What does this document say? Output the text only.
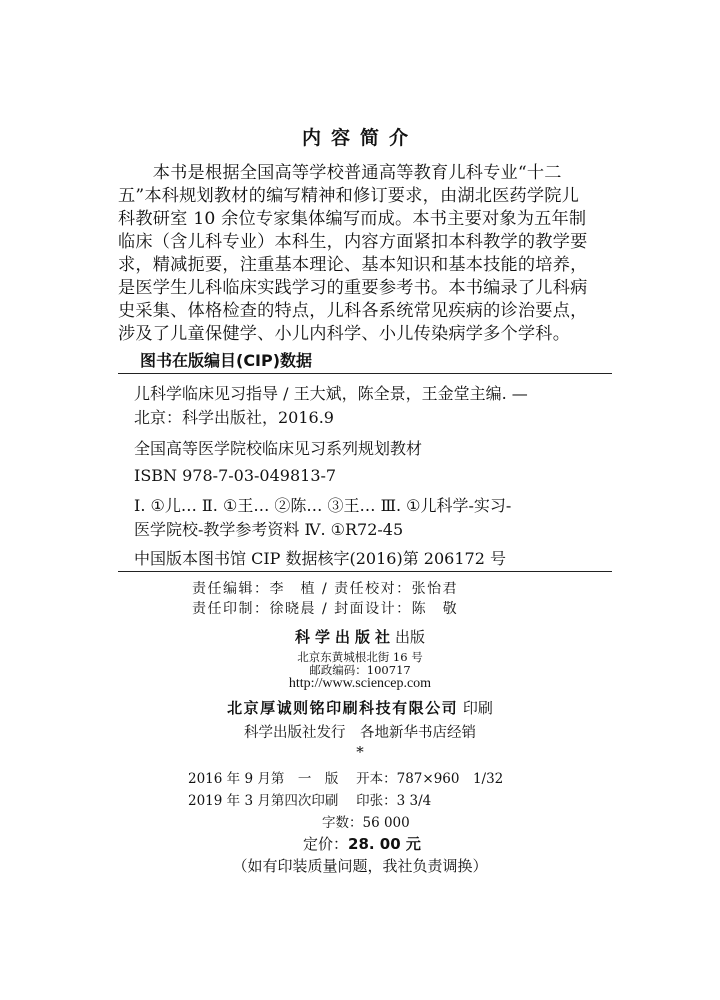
内容简介
　　本书是根据全国高等学校普通高等教育儿科专业“十二
五”本科规划教材的编写精神和修订要求，由湖北医药学院儿
科教研室 10 余位专家集体编写而成。本书主要对象为五年制
临床（含儿科专业）本科生，内容方面紧扣本科教学的教学要
求，精减扼要，注重基本理论、基本知识和基本技能的培养，
是医学生儿科临床实践学习的重要参考书。本书编录了儿科病
史采集、体格检查的特点，儿科各系统常见疾病的诊治要点，
涉及了儿童保健学、小儿内科学、小儿传染病学多个学科。
图书在版编目(CIP)数据
儿科学临床见习指导 / 王大斌，陈全景，王金堂主编. —
北京：科学出版社，2016.9
全国高等医学院校临床见习系列规划教材
ISBN 978-7-03-049813-7
Ⅰ. ①儿… Ⅱ. ①王… ②陈… ③王… Ⅲ. ①儿科学-实习-
医学院校-教学参考资料 Ⅳ. ①R72-45
中国版本图书馆 CIP 数据核字(2016)第 206172 号
责任编辑：李　植 / 责任校对：张怡君
责任印制：徐晓晨 / 封面设计：陈　敬
科学出版社出版
北京东黄城根北街 16 号
邮政编码：100717
http://www.sciencep.com
北京厚诚则铭印刷科技有限公司 印刷
科学出版社发行　各地新华书店经销
*
2016 年 9 月第　一　版　 开本：787×960　1/32
2019 年 3 月第四次印刷　 印张：3 3/4
字数：56 000
定价：28. 00 元
（如有印装质量问题，我社负责调换）
